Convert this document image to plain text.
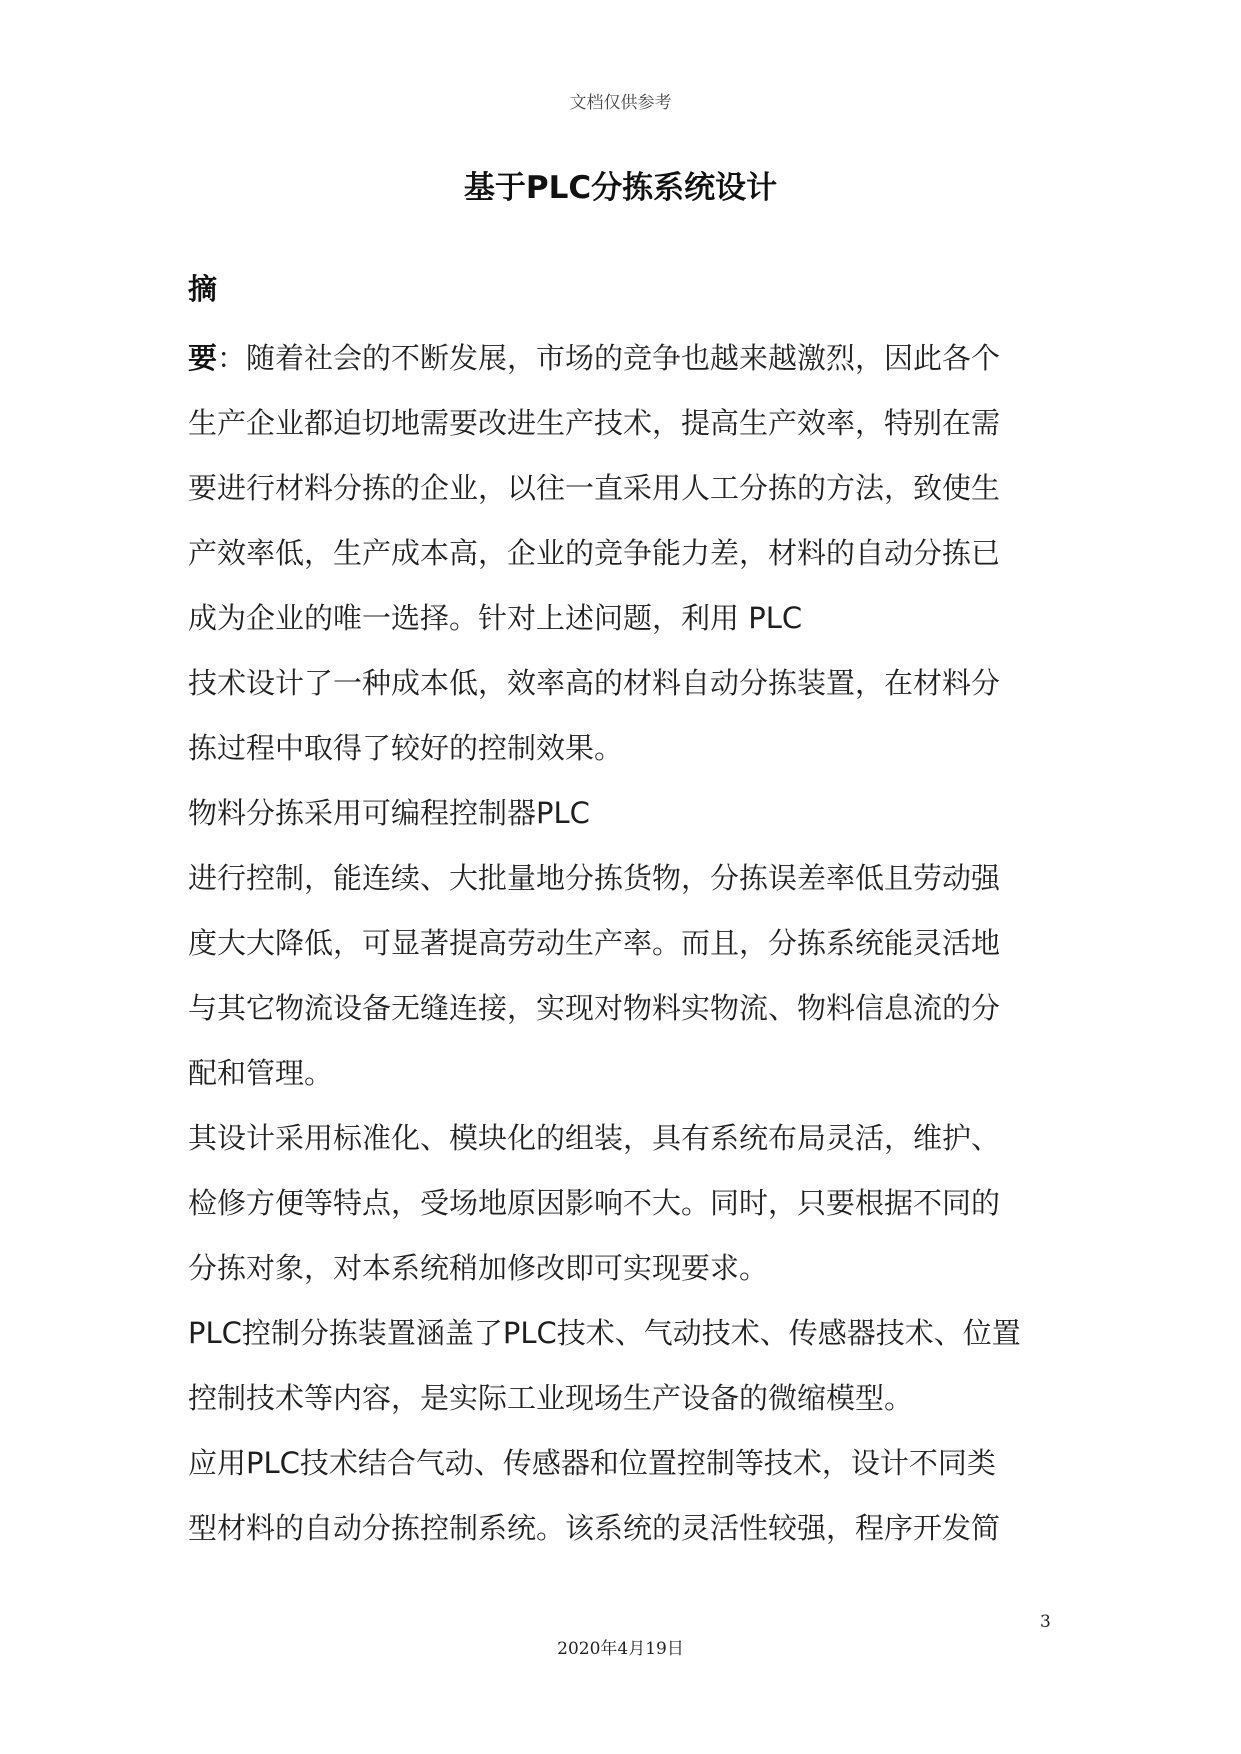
文档仅供参考
基于PLC分拣系统设计
摘
要：随着社会的不断发展，市场的竞争也越来越激烈，因此各个
生产企业都迫切地需要改进生产技术，提高生产效率，特别在需
要进行材料分拣的企业，以往一直采用人工分拣的方法，致使生
产效率低，生产成本高，企业的竞争能力差，材料的自动分拣已
成为企业的唯一选择。针对上述问题，利用 PLC
技术设计了一种成本低，效率高的材料自动分拣装置，在材料分
拣过程中取得了较好的控制效果。
物料分拣采用可编程控制器PLC
进行控制，能连续、大批量地分拣货物，分拣误差率低且劳动强
度大大降低，可显著提高劳动生产率。而且，分拣系统能灵活地
与其它物流设备无缝连接，实现对物料实物流、物料信息流的分
配和管理。
其设计采用标准化、模块化的组装，具有系统布局灵活，维护、
检修方便等特点，受场地原因影响不大。同时，只要根据不同的
分拣对象，对本系统稍加修改即可实现要求。
PLC控制分拣装置涵盖了PLC技术、气动技术、传感器技术、位置
控制技术等内容，是实际工业现场生产设备的微缩模型。
应用PLC技术结合气动、传感器和位置控制等技术，设计不同类
型材料的自动分拣控制系统。该系统的灵活性较强，程序开发简
3
2020年4月19日
